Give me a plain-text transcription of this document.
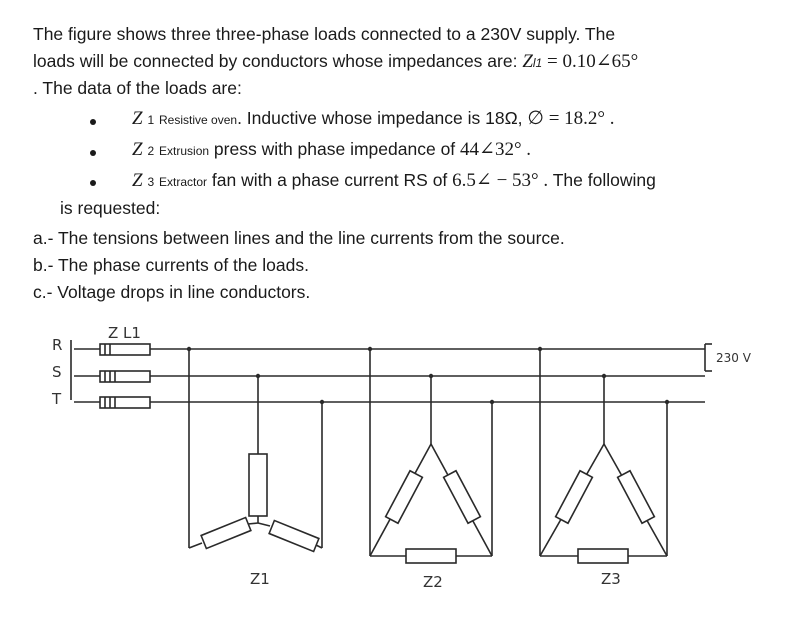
The figure shows three three-phase loads connected to a 230V supply. The
loads will be connected by conductors whose impedances are: Zl1 = 0.10∠65°
. The data of the loads are:
Z 1 Resistive oven. Inductive whose impedance is 18Ω, ∅ = 18.2° .
Z 2 Extrusion press with phase impedance of 44∠32° .
Z 3 Extractor fan with a phase current RS of 6.5∠ − 53° . The following
is requested:
a.- The tensions between lines and the line currents from the source.
b.- The phase currents of the loads.
c.- Voltage drops in line conductors.
R
S
T
Z L1
230 V
Z1	Z2	Z3
